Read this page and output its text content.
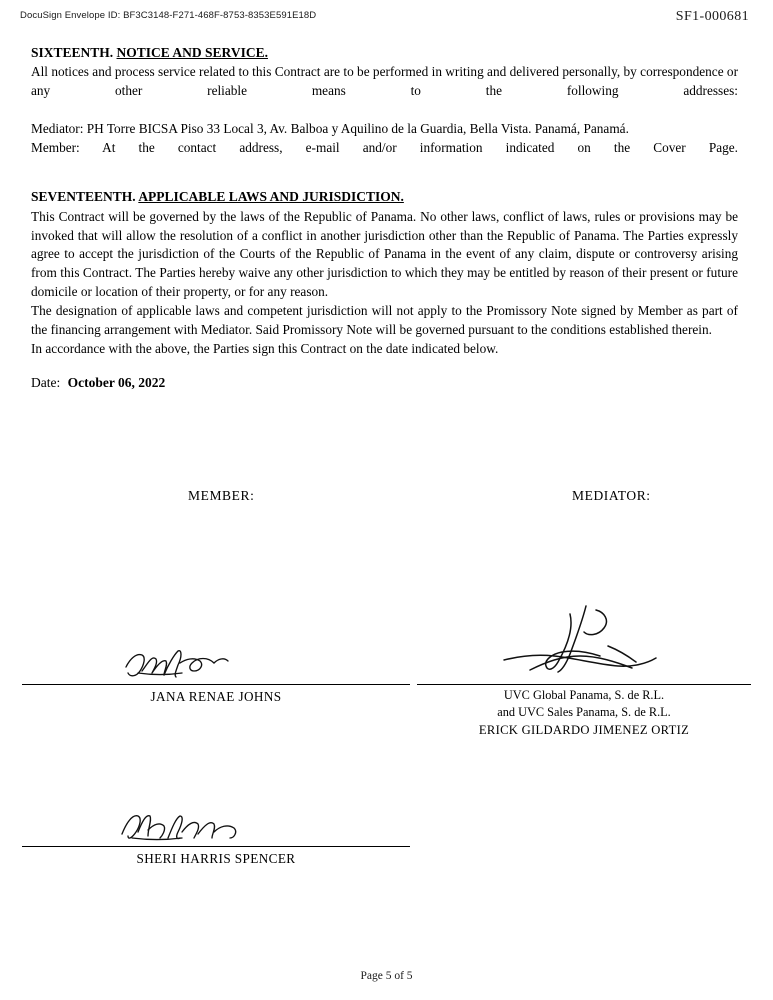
DocuSign Envelope ID: BF3C3148-F271-468F-8753-8353E591E18D	SF1-000681

SIXTEENTH. NOTICE AND SERVICE.

All notices and process service related to this Contract are to be performed in writing and delivered personally, by correspondence or any other reliable means to the following addresses:

Mediator: PH Torre BICSA Piso 33 Local 3, Av. Balboa y Aquilino de la Guardia, Bella Vista. Panamá, Panamá.

Member: At the contact address, e-mail and/or information indicated on the Cover Page.

SEVENTEENTH. APPLICABLE LAWS AND JURISDICTION.

This Contract will be governed by the laws of the Republic of Panama. No other laws, conflict of laws, rules or provisions may be invoked that will allow the resolution of a conflict in another jurisdiction other than the Republic of Panama. The Parties expressly agree to accept the jurisdiction of the Courts of the Republic of Panama in the event of any claim, dispute or controversy arising from this Contract. The Parties hereby waive any other jurisdiction to which they may be entitled by reason of their present or future domicile or location of their property, or for any reason.

The designation of applicable laws and competent jurisdiction will not apply to the Promissory Note signed by Member as part of the financing arrangement with Mediator. Said Promissory Note will be governed pursuant to the conditions established therein.

In accordance with the above, the Parties sign this Contract on the date indicated below.

Date: October 06, 2022
MEMBER:	MEDIATOR:
JANA RENAE JOHNS	UVC Global Panama, S. de R.L.
and UVC Sales Panama, S. de R.L.
ERICK GILDARDO JIMENEZ ORTIZ
SHERI HARRIS SPENCER
Page 5 of 5
